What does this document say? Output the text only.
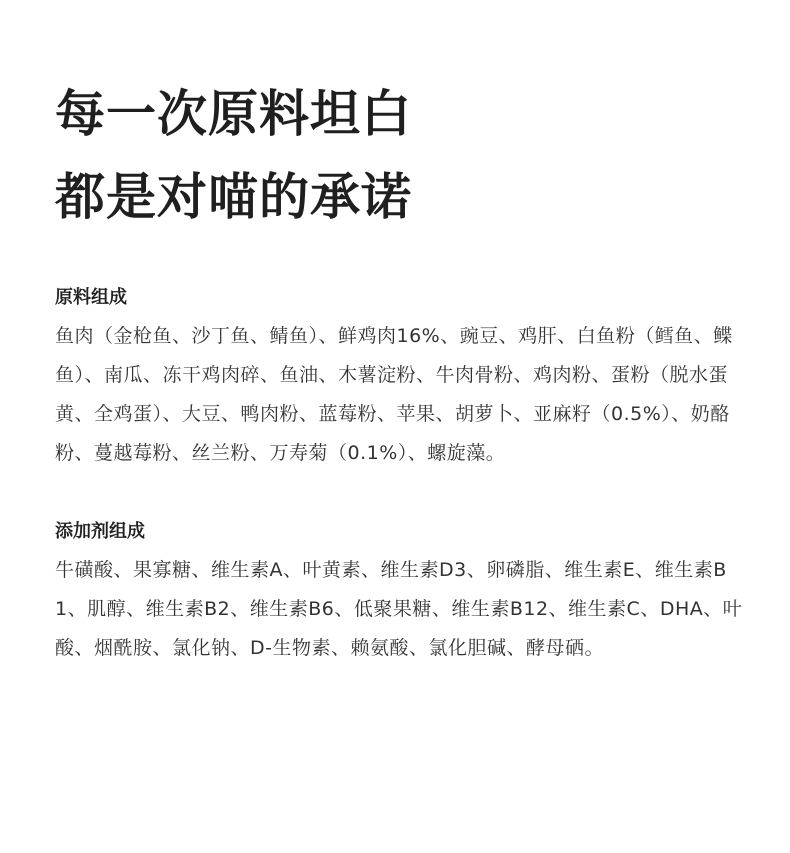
每一次原料坦白
都是对喵的承诺
原料组成

鱼肉（金枪鱼、沙丁鱼、鲭鱼）、鲜鸡肉16%、豌豆、鸡肝、白鱼粉（鳕鱼、鲽鱼）、南瓜、冻干鸡肉碎、鱼油、木薯淀粉、牛肉骨粉、鸡肉粉、蛋粉（脱水蛋黄、全鸡蛋）、大豆、鸭肉粉、蓝莓粉、苹果、胡萝卜、亚麻籽（0.5%）、奶酪粉、蔓越莓粉、丝兰粉、万寿菊（0.1%）、螺旋藻。

添加剂组成

牛磺酸、果寡糖、维生素A、叶黄素、维生素D3、卵磷脂、维生素E、维生素B1、肌醇、维生素B2、维生素B6、低聚果糖、维生素B12、维生素C、DHA、叶酸、烟酰胺、氯化钠、D-生物素、赖氨酸、氯化胆碱、酵母硒。
